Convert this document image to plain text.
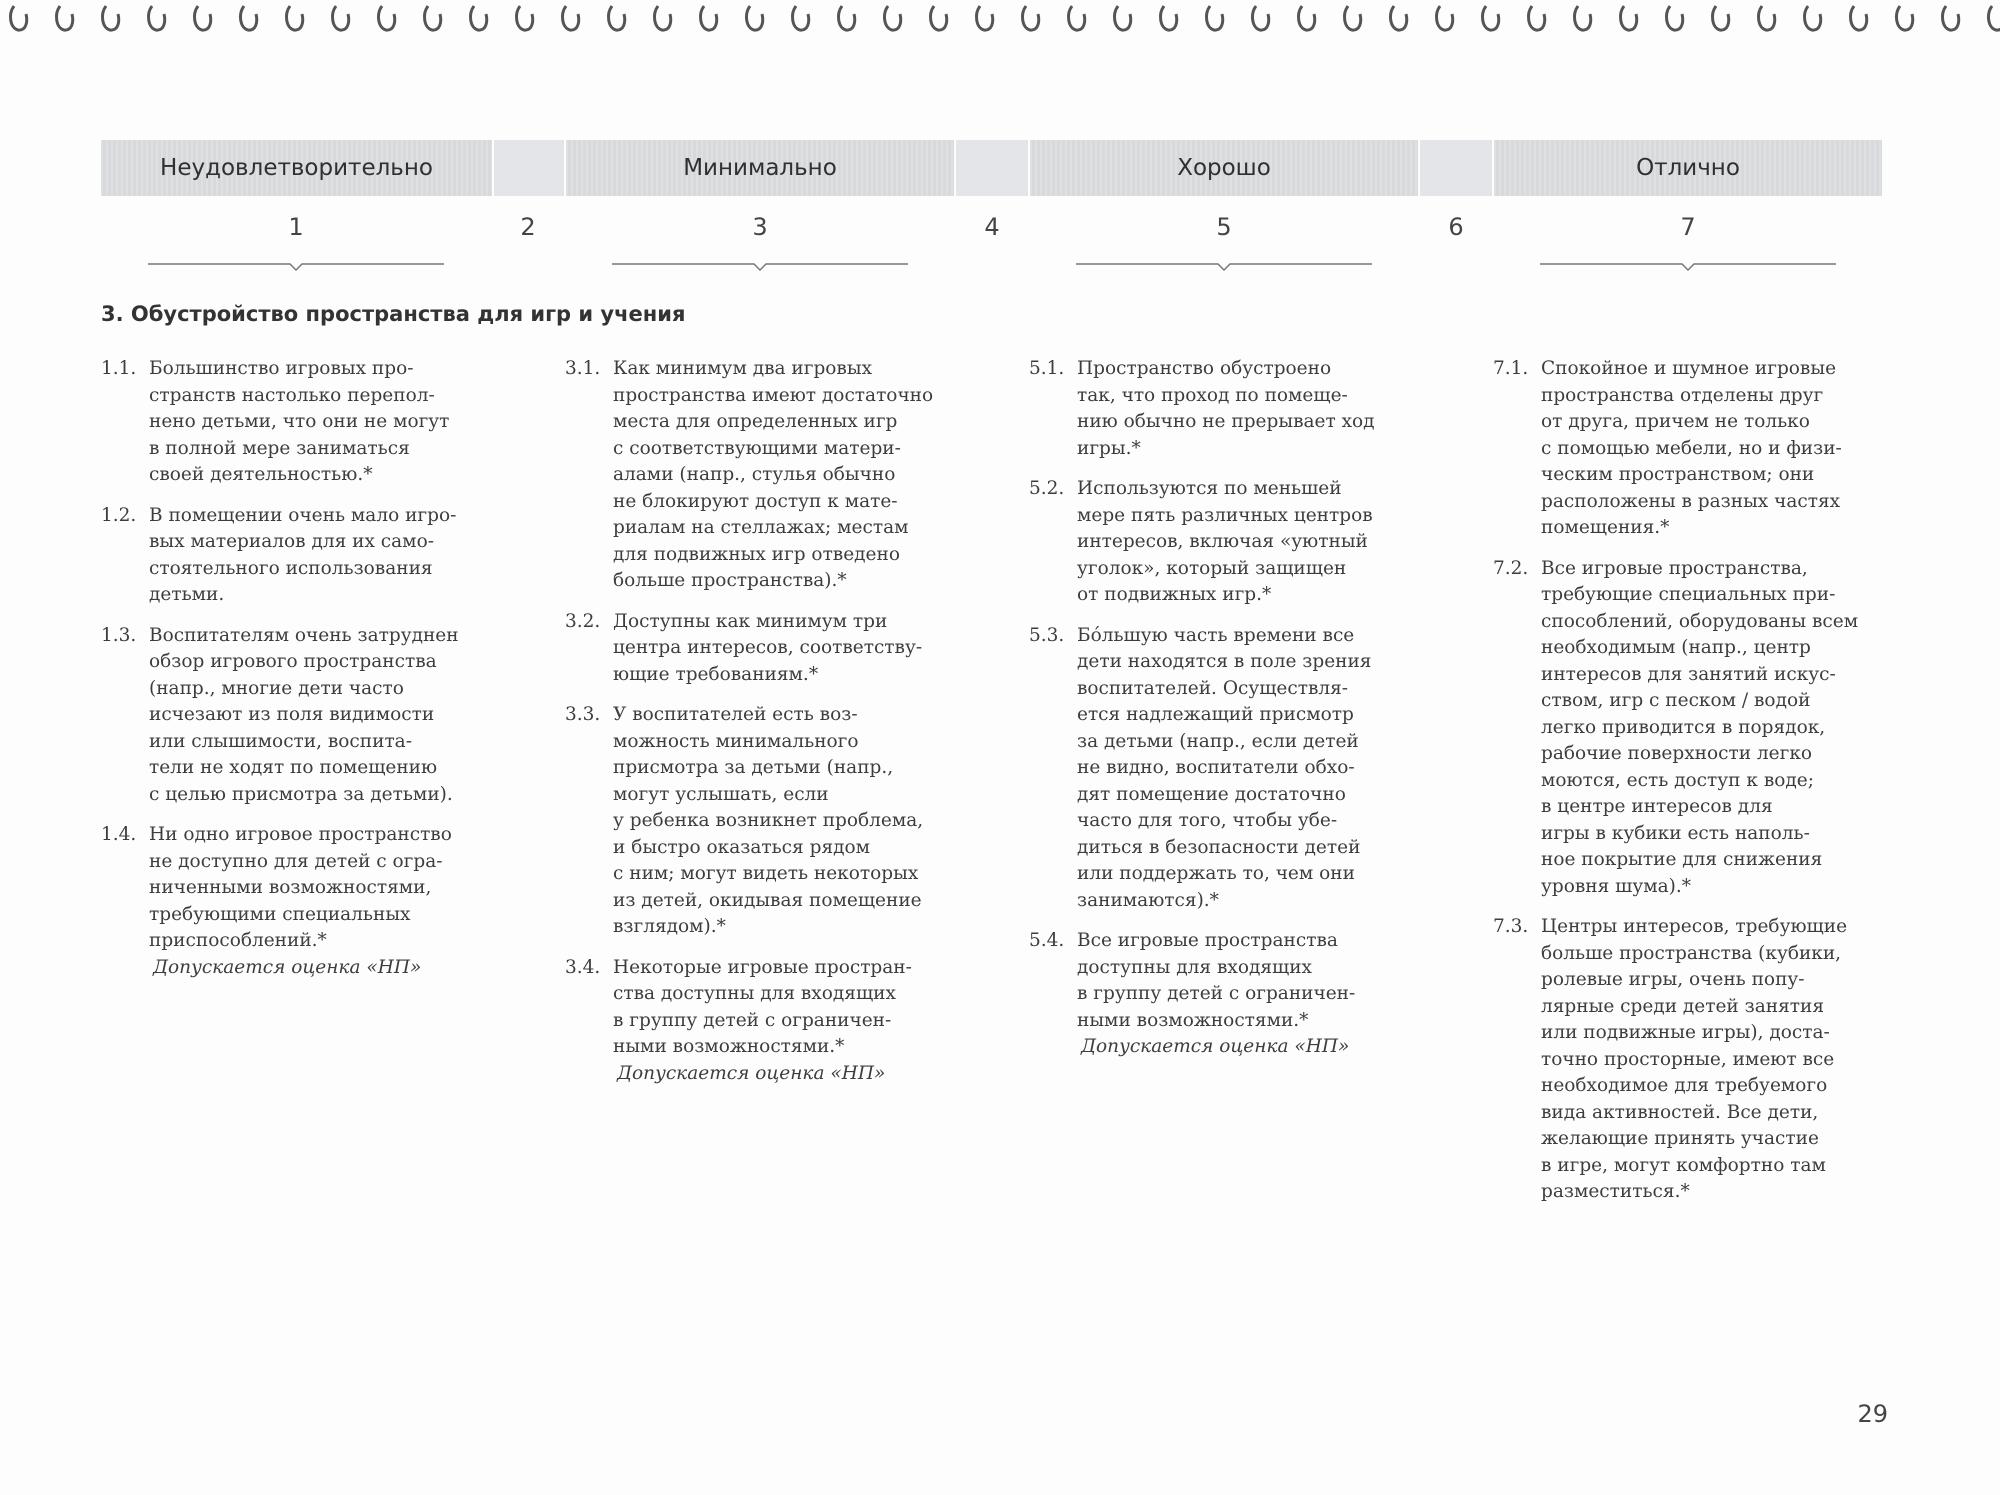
Неудовлетворительно	Минимально	Хорошо	Отлично
1	2	3	4	5	6	7
3. Обустройство пространства для игр и учения
1.1. Большинство игровых про-
странств настолько перепол-
нено детьми, что они не могут
в полной мере заниматься
своей деятельностью.*
1.2. В помещении очень мало игро-
вых материалов для их само-
стоятельного использования
детьми.
1.3. Воспитателям очень затруднен
обзор игрового пространства
(напр., многие дети часто
исчезают из поля видимости
или слышимости, воспита-
тели не ходят по помещению
с целью присмотра за детьми).
1.4. Ни одно игровое пространство
не доступно для детей с огра-
ниченными возможностями,
требующими специальных
приспособлений.*
Допускается оценка «НП»
3.1. Как минимум два игровых
пространства имеют достаточно
места для определенных игр
с соответствующими матери-
алами (напр., стулья обычно
не блокируют доступ к мате-
риалам на стеллажах; местам
для подвижных игр отведено
больше пространства).*
3.2. Доступны как минимум три
центра интересов, соответству-
ющие требованиям.*
3.3. У воспитателей есть воз-
можность минимального
присмотра за детьми (напр.,
могут услышать, если
у ребенка возникнет проблема,
и быстро оказаться рядом
с ним; могут видеть некоторых
из детей, окидывая помещение
взглядом).*
3.4. Некоторые игровые простран-
ства доступны для входящих
в группу детей с ограничен-
ными возможностями.*
Допускается оценка «НП»
5.1. Пространство обустроено
так, что проход по помеще-
нию обычно не прерывает ход
игры.*
5.2. Используются по меньшей
мере пять различных центров
интересов, включая «уютный
уголок», который защищен
от подвижных игр.*
5.3. Бо́льшую часть времени все
дети находятся в поле зрения
воспитателей. Осуществля-
ется надлежащий присмотр
за детьми (напр., если детей
не видно, воспитатели обхо-
дят помещение достаточно
часто для того, чтобы убе-
диться в безопасности детей
или поддержать то, чем они
занимаются).*
5.4. Все игровые пространства
доступны для входящих
в группу детей с ограничен-
ными возможностями.*
Допускается оценка «НП»
7.1. Спокойное и шумное игровые
пространства отделены друг
от друга, причем не только
с помощью мебели, но и физи-
ческим пространством; они
расположены в разных частях
помещения.*
7.2. Все игровые пространства,
требующие специальных при-
способлений, оборудованы всем
необходимым (напр., центр
интересов для занятий искус-
ством, игр с песком / водой
легко приводится в порядок,
рабочие поверхности легко
моются, есть доступ к воде;
в центре интересов для
игры в кубики есть наполь-
ное покрытие для снижения
уровня шума).*
7.3. Центры интересов, требующие
больше пространства (кубики,
ролевые игры, очень попу-
лярные среди детей занятия
или подвижные игры), доста-
точно просторные, имеют все
необходимое для требуемого
вида активностей. Все дети,
желающие принять участие
в игре, могут комфортно там
разместиться.*
29
